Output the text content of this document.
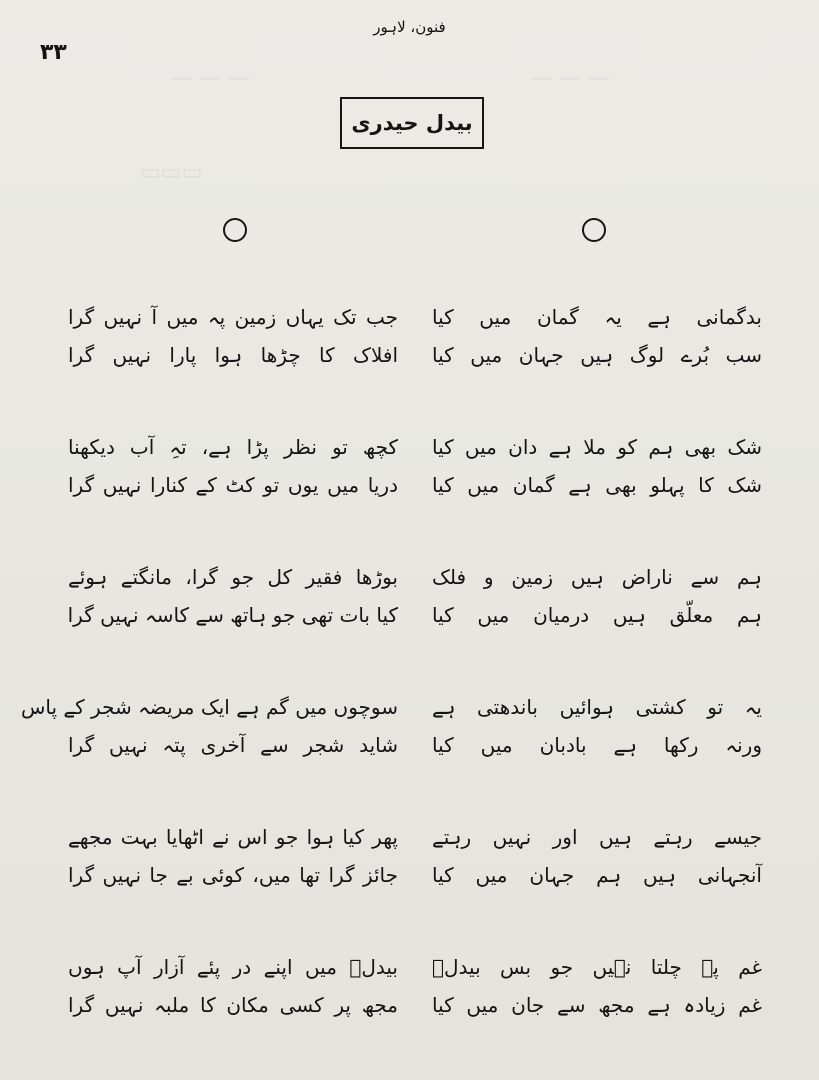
— — —	— — —
▭▭▭
فنون، لاہور
۳۳
بیدل حیدری
بدگمانی ہے یہ گمان میں کیا
سب بُرے لوگ ہیں جہان میں کیا
شک بھی ہم کو ملا ہے دان میں کیا
شک کا پہلو بھی ہے گمان میں کیا
ہم سے ناراض ہیں زمین و فلک
ہم معلّق ہیں درمیان میں کیا
یہ تو کشتی ہوائیں باندھتی ہے
ورنہ رکھا ہے بادبان میں کیا
جیسے رہتے ہیں اور نہیں رہتے
آنجہانی ہیں ہم جہان میں کیا
غم پہ چلتا نہیں جو بس بیدلؔ
غم زیادہ ہے مجھ سے جان میں کیا
جب تک یہاں زمین پہ میں آ نہیں گرا
افلاک کا چڑھا ہوا پارا نہیں گرا
کچھ تو نظر پڑا ہے، تہِ آب دیکھنا
دریا میں یوں تو کٹ کے کنارا نہیں گرا
بوڑھا فقیر کل جو گرا، مانگتے ہوئے
کیا بات تھی جو ہاتھ سے کاسہ نہیں گرا
سوچوں میں گم ہے ایک مریضہ شجر کے پاس
شاید شجر سے آخری پتہ نہیں گرا
پھر کیا ہوا جو اس نے اٹھایا بہت مجھے
جائز گرا تھا میں، کوئی بے جا نہیں گرا
بیدلؔ میں اپنے در پئے آزار آپ ہوں
مجھ پر کسی مکان کا ملبہ نہیں گرا
